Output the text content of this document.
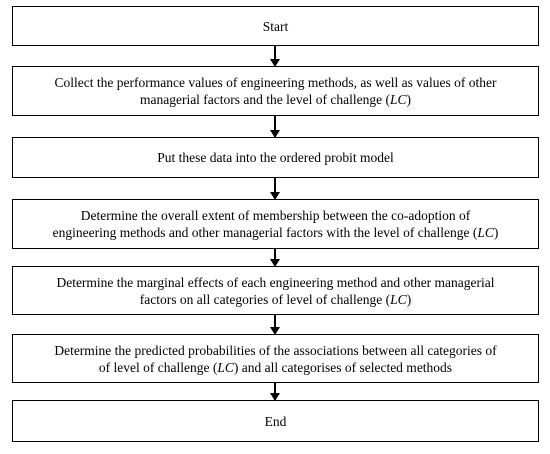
Start
Collect the performance values of engineering methods, as well as values of other
managerial factors and the level of challenge (LC)
Put these data into the ordered probit model
Determine the overall extent of membership between the co-adoption of
engineering methods and other managerial factors with the level of challenge (LC)
Determine the marginal effects of each engineering method and other managerial
factors on all categories of level of challenge (LC)
Determine the predicted probabilities of the associations between all categories of
of level of challenge (LC) and all categorises of selected methods
End
